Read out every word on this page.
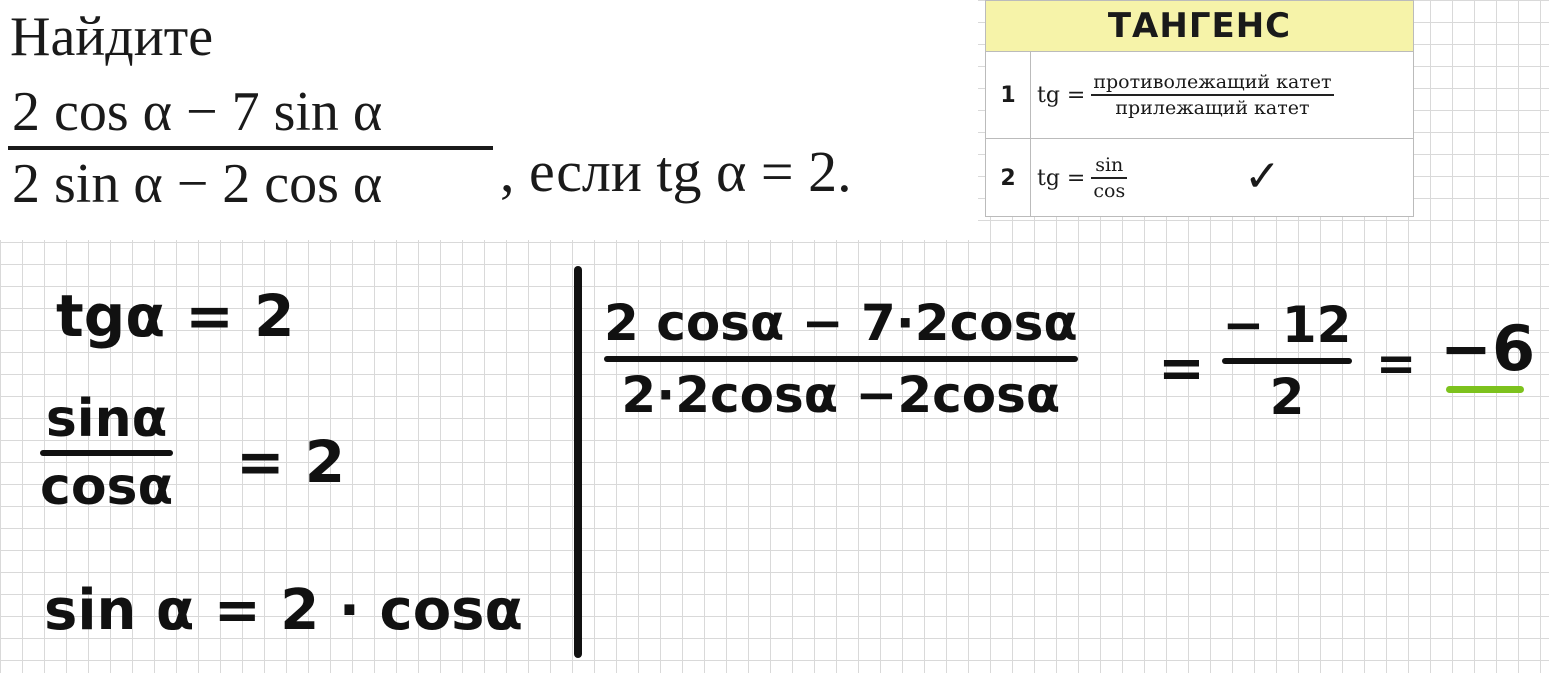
Найдите
2 cos α − 7 sin α
2 sin α − 2 cos α	, если tg α = 2.
ТАНГЕНС
1 tg =
противолежащий катет
прилежащий катет
2 tg =
sin
cos	✓
tgα = 2
sinα
cosα = 2
sin α = 2 · cosα
2 cosα − 7·2cosα
2·2cosα −2cosα =
− 12
2
= −6
